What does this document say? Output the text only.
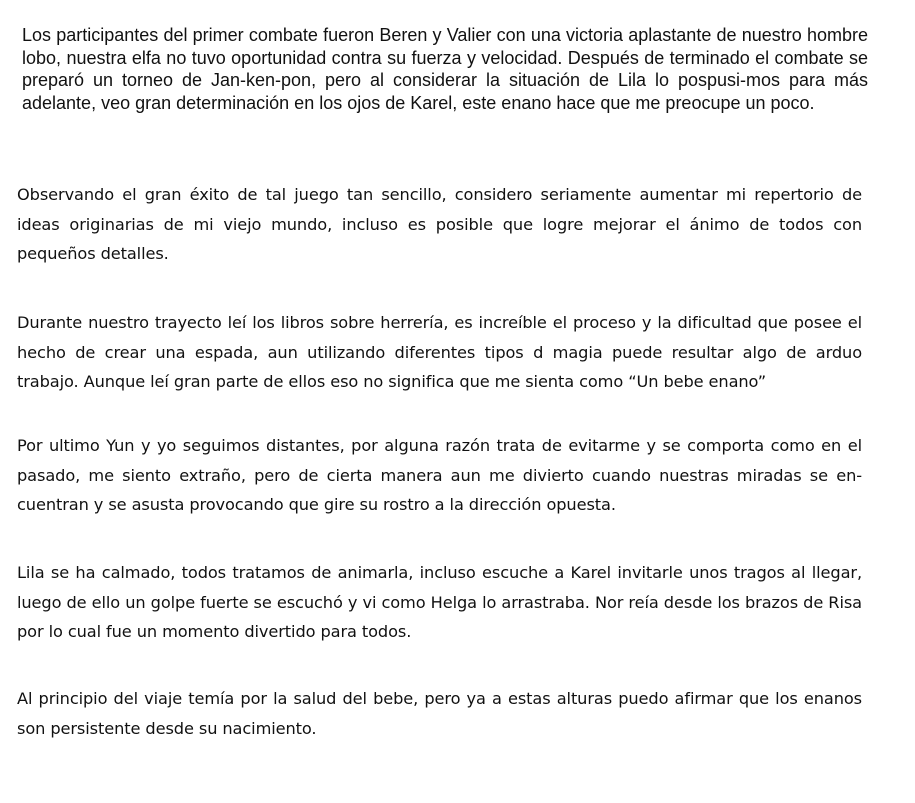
Los participantes del primer combate fueron Beren y Valier con una victoria aplastante de nuestro hombre lobo, nuestra elfa no tuvo oportunidad contra su fuerza y velocidad. Después de terminado el combate se preparó un torneo de Jan-ken-pon, pero al considerar la situación de Lila lo pospusi-mos para más adelante, veo gran determinación en los ojos de Karel, este enano hace que me preocupe un poco.

Observando el gran éxito de tal juego tan sencillo, considero seriamente aumentar mi repertorio de ideas originarias de mi viejo mundo, incluso es posible que logre mejorar el ánimo de todos con pequeños detalles.

Durante nuestro trayecto leí los libros sobre herrería, es increíble el proceso y la dificultad que posee el hecho de crear una espada, aun utilizando diferentes tipos d magia puede resultar algo de arduo trabajo. Aunque leí gran parte de ellos eso no significa que me sienta como “Un bebe enano”

Por ultimo Yun y yo seguimos distantes, por alguna razón trata de evitarme y se comporta como en el pasado, me siento extraño, pero de cierta manera aun me divierto cuando nuestras miradas se en-cuentran y se asusta provocando que gire su rostro a la dirección opuesta.

Lila se ha calmado, todos tratamos de animarla, incluso escuche a Karel invitarle unos tragos al llegar, luego de ello un golpe fuerte se escuchó y vi como Helga lo arrastraba. Nor reía desde los brazos de Risa por lo cual fue un momento divertido para todos.

Al principio del viaje temía por la salud del bebe, pero ya a estas alturas puedo afirmar que los enanos son persistente desde su nacimiento.
